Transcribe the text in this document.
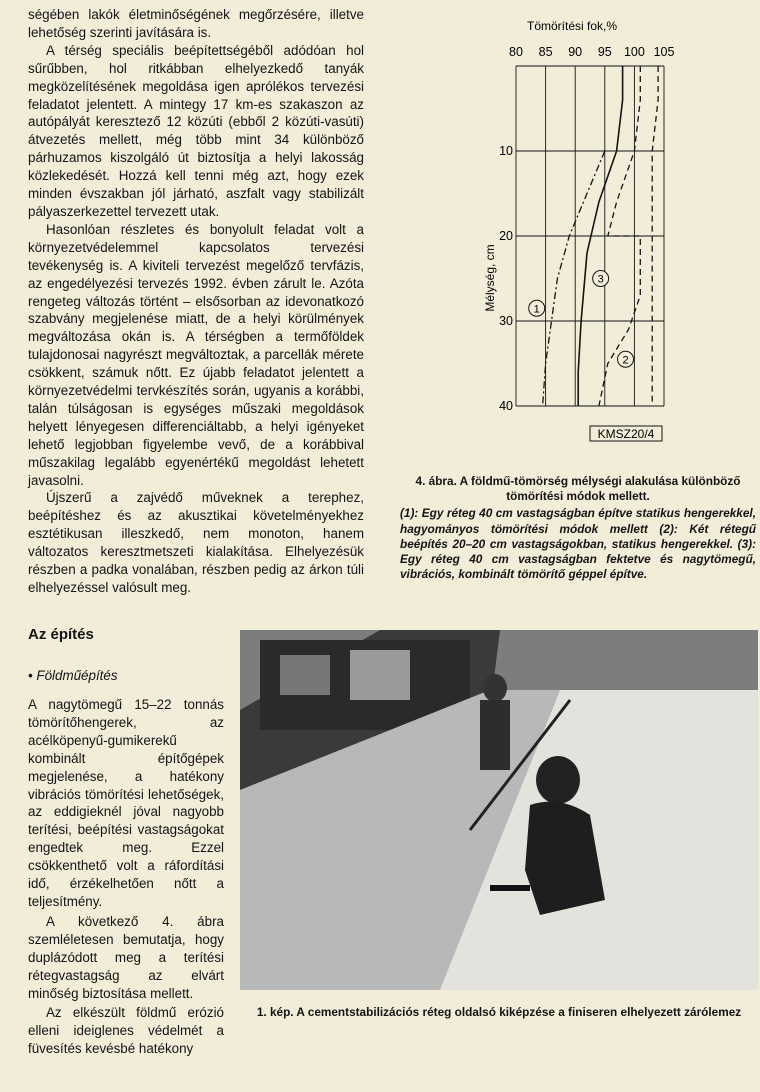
ségében lakók életminőségének megőrzésére, illetve lehetőség szerinti javítására is.

A térség speciális beépítettségéből adódóan hol sűrűbben, hol ritkábban elhelyezkedő tanyák megközelítésének megoldása igen aprólékos tervezési feladatot jelentett. A mintegy 17 km-es szakaszon az autópályát keresztező 12 közúti (ebből 2 közúti-vasúti) átvezetés mellett, még több mint 34 különböző párhuzamos kiszolgáló út biztosítja a helyi lakosság közlekedését. Hozzá kell tenni még azt, hogy ezek minden évszakban jól járható, aszfalt vagy stabilizált pályaszerkezettel tervezett utak.

Hasonlóan részletes és bonyolult feladat volt a környezetvédelemmel kapcsolatos tervezési tevékenység is. A kiviteli tervezést megelőző tervfázis, az engedélyezési tervezés 1992. évben zárult le. Azóta rengeteg változás történt – elsősorban az idevonatkozó szabvány megjelenése miatt, de a helyi körülmények megváltozása okán is. A térségben a termőföldek tulajdonosai nagyrészt megváltoztak, a parcellák mérete csökkent, számuk nőtt. Ez újabb feladatot jelentett a környezetvédelmi tervkészítés során, ugyanis a korábbi, talán túlságosan is egységes műszaki megoldások helyett lényegesen differenciáltabb, a helyi igényeket lehető legjobban figyelembe vevő, de a korábbival műszakilag legalább egyenértékű megoldást lehetett javasolni.

Újszerű a zajvédő műveknek a terephez, beépítéshez és az akusztikai követelményekhez esztétikusan illeszkedő, nem monoton, hanem változatos keresztmetszeti kialakítása. Elhelyezésük részben a padka vonalában, részben pedig az árkon túli elhelyezéssel valósult meg.

Tömörítési fok,%
Mélység, cm
80 85 90 95 100 105
10
20
30
40
1
2
3
KMSZ20/4
4. ábra. A földmű-tömörség mélységi alakulása különböző tömörítési módok mellett.
(1): Egy réteg 40 cm vastagságban építve statikus hengerekkel, hagyományos tömörítési módok mellett (2): Két rétegű beépítés 20–20 cm vastagságokban, statikus hengerekkel. (3): Egy réteg 40 cm vastagságban fektetve és nagytömegű, vibrációs, kombinált tömörítő géppel építve.
Az építés
• Földműépítés

A nagytömegű 15–22 tonnás tömörítőhengerek, az acélköpenyű-gumikerekű kombinált építőgépek megjelenése, a hatékony vibrációs tömörítési lehetőségek, az eddigieknél jóval nagyobb terítési, beépítési vastagságokat engedtek meg. Ezzel csökkenthető volt a ráfordítási idő, érzékelhetően nőtt a teljesítmény.

A következő 4. ábra szemléletesen bemutatja, hogy duplázódott meg a terítési rétegvastagság az elvárt minőség biztosítása mellett.

Az elkészült földmű erózió elleni ideiglenes védelmét a füvesítés kevésbé hatékony

1. kép. A cementstabilizációs réteg oldalsó kiképzése a finiseren elhelyezett zárólemez
